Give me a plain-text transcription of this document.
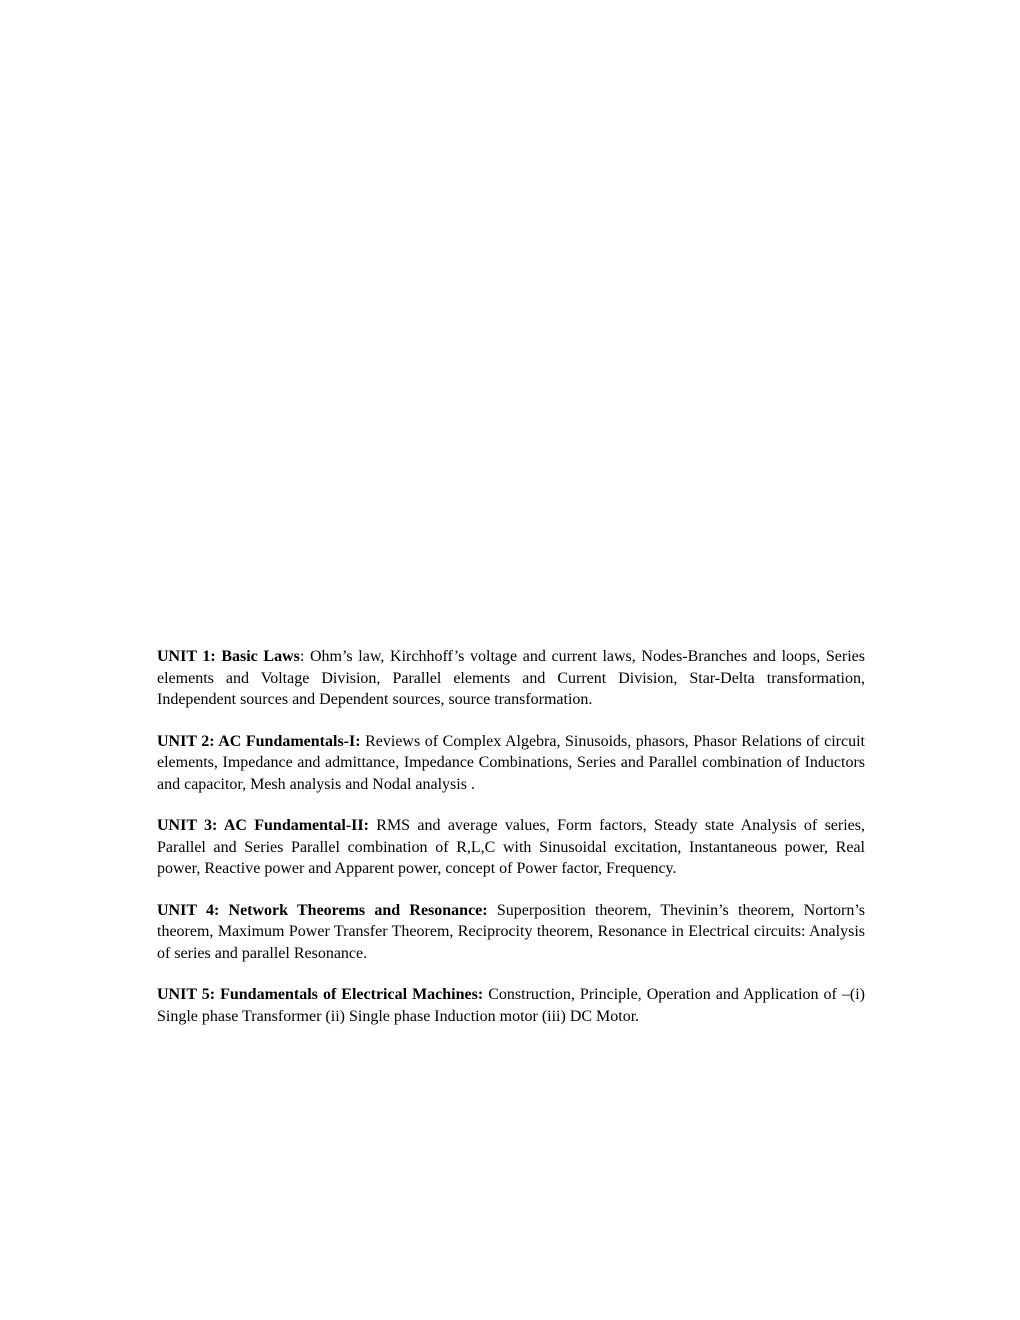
UNIT 1: Basic Laws: Ohm’s law, Kirchhoff’s voltage and current laws, Nodes-Branches and loops, Series elements and Voltage Division, Parallel elements and Current Division, Star-Delta transformation, Independent sources and Dependent sources, source transformation.

UNIT 2: AC Fundamentals-I: Reviews of Complex Algebra, Sinusoids, phasors, Phasor Relations of circuit elements, Impedance and admittance, Impedance Combinations, Series and Parallel combination of Inductors and capacitor, Mesh analysis and Nodal analysis .

UNIT 3: AC Fundamental-II: RMS and average values, Form factors, Steady state Analysis of series, Parallel and Series Parallel combination of R,L,C with Sinusoidal excitation, Instantaneous power, Real power, Reactive power and Apparent power, concept of Power factor, Frequency.

UNIT 4: Network Theorems and Resonance: Superposition theorem, Thevinin’s theorem, Nortorn’s theorem, Maximum Power Transfer Theorem, Reciprocity theorem, Resonance in Electrical circuits: Analysis of series and parallel Resonance.

UNIT 5: Fundamentals of Electrical Machines: Construction, Principle, Operation and Application of –(i) Single phase Transformer (ii) Single phase Induction motor (iii) DC Motor.
